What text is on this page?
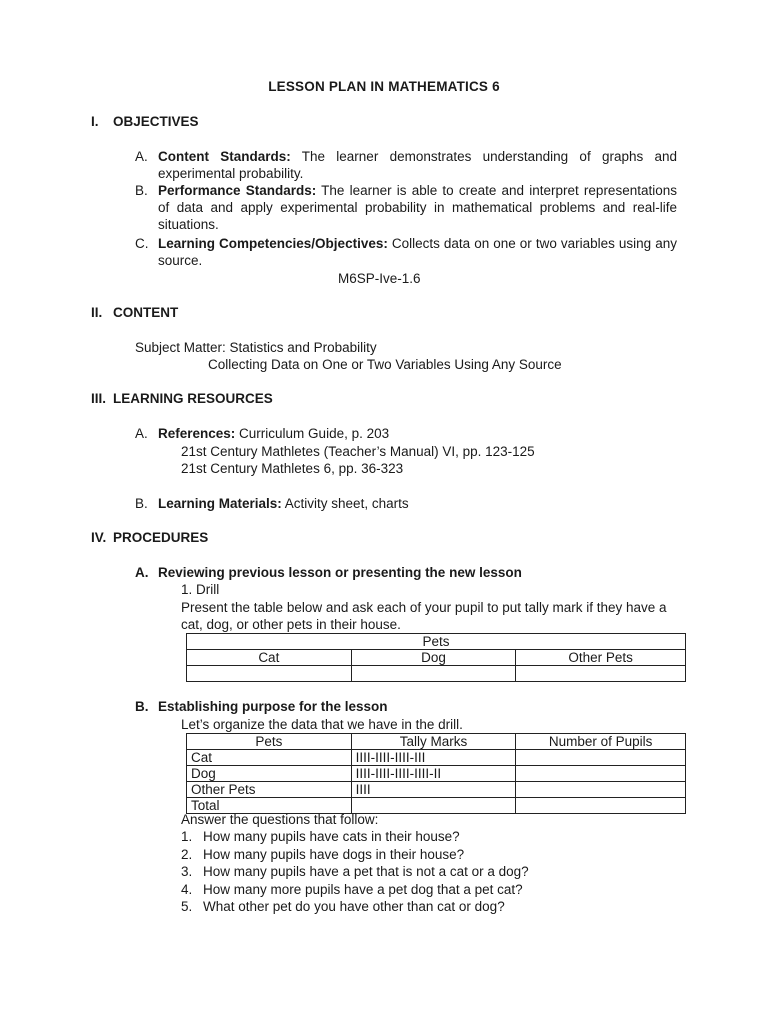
LESSON PLAN IN MATHEMATICS 6
I. OBJECTIVES
A. Content Standards: The learner demonstrates understanding of graphs and experimental probability.
B. Performance Standards: The learner is able to create and interpret representations of data and apply experimental probability in mathematical problems and real-life situations.
C. Learning Competencies/Objectives: Collects data on one or two variables using any source.
M6SP-Ive-1.6
II. CONTENT
Subject Matter: Statistics and Probability
Collecting Data on One or Two Variables Using Any Source
III. LEARNING RESOURCES
A. References: Curriculum Guide, p. 203
21st Century Mathletes (Teacher’s Manual) VI, pp. 123-125
21st Century Mathletes 6, pp. 36-323
B. Learning Materials: Activity sheet, charts
IV. PROCEDURES
A. Reviewing previous lesson or presenting the new lesson
1. Drill
Present the table below and ask each of your pupil to put tally mark if they have a cat, dog, or other pets in their house.
Pets		
Cat	Dog	Other Pets

B. Establishing purpose for the lesson
Let’s organize the data that we have in the drill.
Pets	Tally Marks	Number of Pupils
Cat	IIII-IIII-IIII-III	
Dog	IIII-IIII-IIII-IIII-II	
Other Pets	IIII	
Total		
Answer the questions that follow:
1. How many pupils have cats in their house?
2. How many pupils have dogs in their house?
3. How many pupils have a pet that is not a cat or a dog?
4. How many more pupils have a pet dog that a pet cat?
5. What other pet do you have other than cat or dog?
